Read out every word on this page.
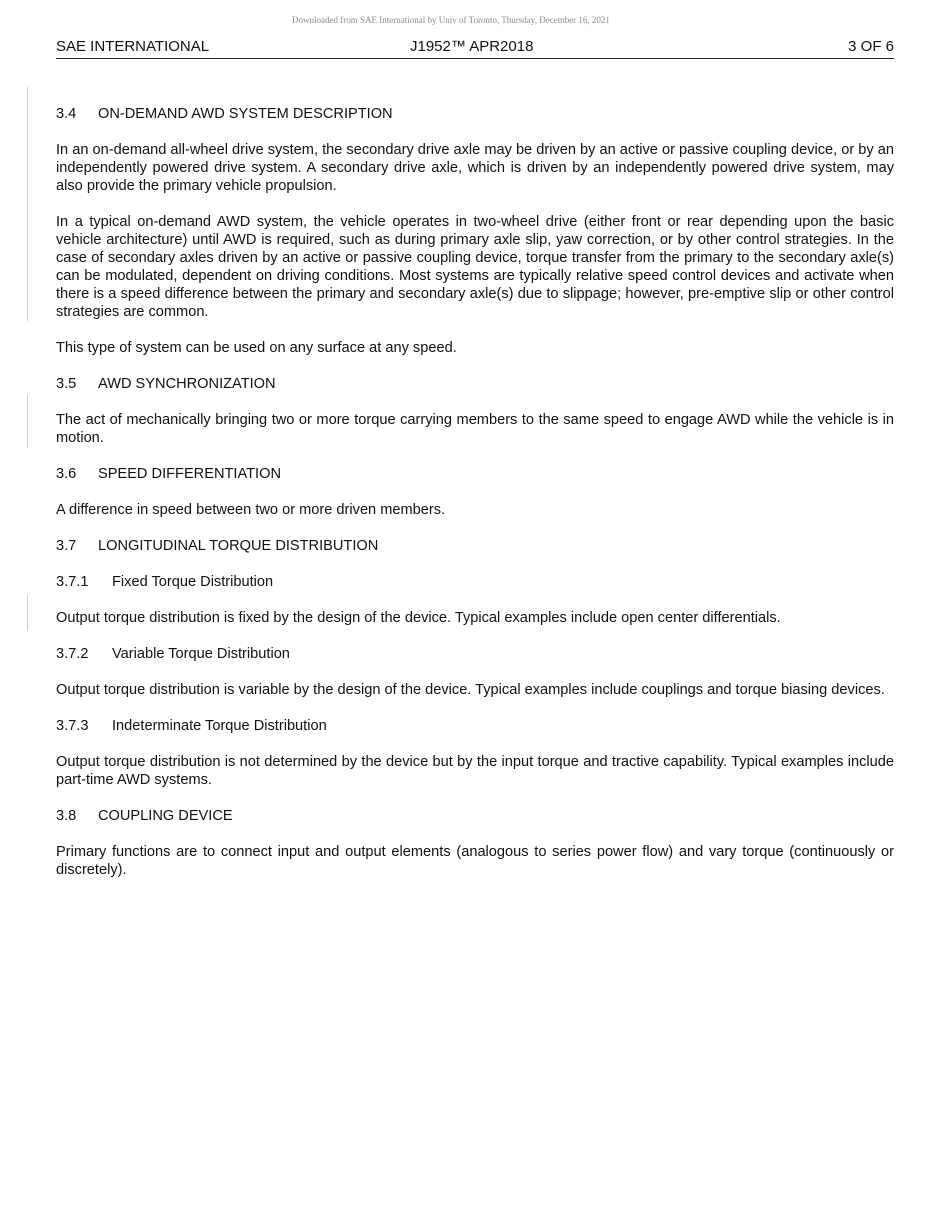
Downloaded from SAE International by Univ of Toronto, Thursday, December 16, 2021
SAE INTERNATIONAL	J1952™ APR2018	3 OF 6
3.4	ON-DEMAND AWD SYSTEM DESCRIPTION

In an on-demand all-wheel drive system, the secondary drive axle may be driven by an active or passive coupling device, or by an independently powered drive system. A secondary drive axle, which is driven by an independently powered drive system, may also provide the primary vehicle propulsion.

In a typical on-demand AWD system, the vehicle operates in two-wheel drive (either front or rear depending upon the basic vehicle architecture) until AWD is required, such as during primary axle slip, yaw correction, or by other control strategies. In the case of secondary axles driven by an active or passive coupling device, torque transfer from the primary to the secondary axle(s) can be modulated, dependent on driving conditions. Most systems are typically relative speed control devices and activate when there is a speed difference between the primary and secondary axle(s) due to slippage; however, pre-emptive slip or other control strategies are common.

This type of system can be used on any surface at any speed.

3.5	AWD SYNCHRONIZATION

The act of mechanically bringing two or more torque carrying members to the same speed to engage AWD while the vehicle is in motion.

3.6	SPEED DIFFERENTIATION

A difference in speed between two or more driven members.

3.7	LONGITUDINAL TORQUE DISTRIBUTION
3.7.1	Fixed Torque Distribution

Output torque distribution is fixed by the design of the device. Typical examples include open center differentials.

3.7.2	Variable Torque Distribution

Output torque distribution is variable by the design of the device. Typical examples include couplings and torque biasing devices.

3.7.3	Indeterminate Torque Distribution

Output torque distribution is not determined by the device but by the input torque and tractive capability. Typical examples include part-time AWD systems.

3.8	COUPLING DEVICE

Primary functions are to connect input and output elements (analogous to series power flow) and vary torque (continuously or discretely).
